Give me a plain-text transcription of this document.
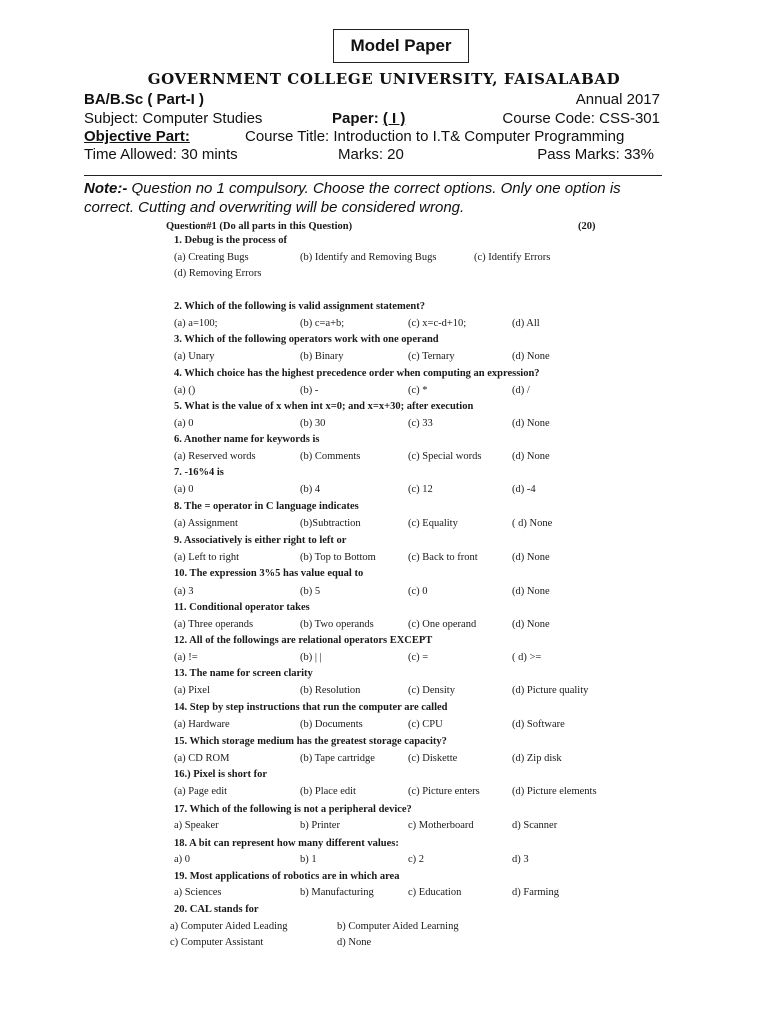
Model Paper
GOVERNMENT COLLEGE UNIVERSITY, FAISALABAD
BA/B.Sc ( Part-I )	Annual 2017
Subject: Computer Studies	Paper: ( I )	Course Code: CSS-301
Objective Part:	Course Title: Introduction to I.T& Computer Programming
Time Allowed: 30 mints	Marks: 20	Pass Marks: 33%
Note:- Question no 1 compulsory. Choose the correct options. Only one option is correct. Cutting and overwriting will be considered wrong.
Question#1 (Do all parts in this Question)	(20)
1. Debug is the process of
(a) Creating Bugs	(b) Identify and Removing Bugs	(c) Identify Errors
(d) Removing Errors
2. Which of the following is valid assignment statement?
(a) a=100;	(b) c=a+b;	(c) x=c-d+10;	(d) All
3. Which of the following operators work with one operand
(a) Unary	(b) Binary	(c) Ternary	(d) None
4. Which choice has the highest precedence order when computing an expression?
(a) ()	(b) -	(c) *	(d) /
5. What is the value of x when int x=0; and x=x+30; after execution
(a) 0	(b) 30	(c) 33	(d) None
6. Another name for keywords is
(a) Reserved words	(b) Comments	(c) Special words	(d) None
7. -16%4 is
(a) 0	(b) 4	(c) 12	(d) -4
8. The = operator in C language indicates
(a) Assignment	(b)Subtraction	(c) Equality	( d) None
9. Associatively is either right to left or
(a) Left to right	(b) Top to Bottom	(c) Back to front	(d) None
10. The expression 3%5 has value equal to
(a) 3	(b) 5	(c) 0	(d) None
11. Conditional operator takes
(a) Three operands	(b) Two operands	(c) One operand	(d) None
12. All of the followings are relational operators EXCEPT
(a) !=	(b) | |	(c) =	( d) >=
13. The name for screen clarity
(a) Pixel	(b) Resolution	(c) Density	(d) Picture quality
14. Step by step instructions that run the computer are called
(a) Hardware	(b) Documents	(c) CPU	(d) Software
15. Which storage medium has the greatest storage capacity?
(a) CD ROM	(b) Tape cartridge	(c) Diskette	(d) Zip disk
16.) Pixel is short for
(a) Page edit	(b) Place edit	(c) Picture enters	(d) Picture elements
17. Which of the following is not a peripheral device?
a) Speaker	b) Printer	c) Motherboard	d) Scanner
18. A bit can represent how many different values:
a) 0	b) 1	c) 2	d) 3
19. Most applications of robotics are in which area
a) Sciences	b) Manufacturing	c) Education	d) Farming
20. CAL stands for
a) Computer Aided Leading	b) Computer Aided Learning
c) Computer Assistant	d) None
